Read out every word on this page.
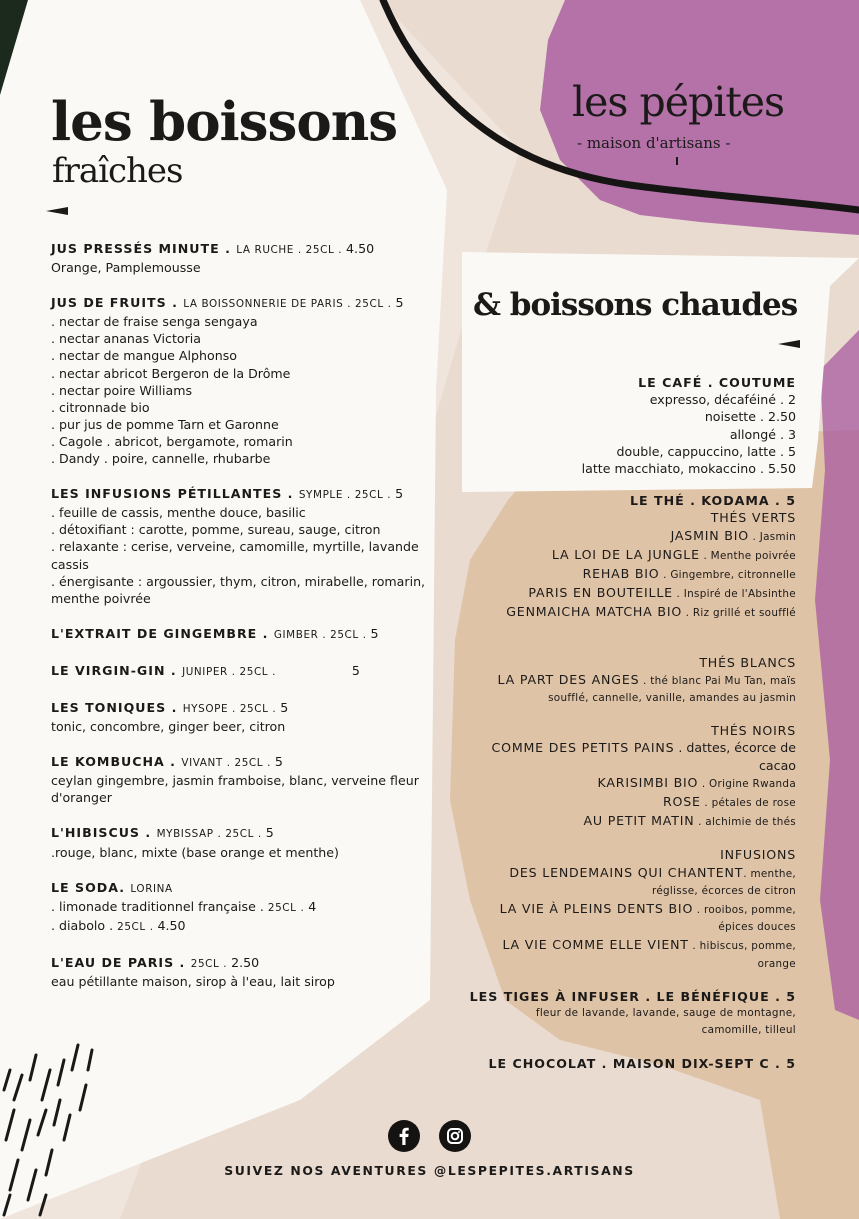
les boissons
fraîches
les pépites
- maison d'artisans -
& boissons chaudes
JUS PRESSÉS MINUTE . LA RUCHE . 25CL . 4.50
Orange, Pamplemousse
JUS DE FRUITS . LA BOISSONNERIE DE PARIS . 25CL . 5
. nectar de fraise senga sengaya
. nectar ananas Victoria
. nectar de mangue Alphonso
. nectar abricot Bergeron de la Drôme
. nectar poire Williams
. citronnade bio
. pur jus de pomme Tarn et Garonne
. Cagole . abricot, bergamote, romarin
. Dandy . poire, cannelle, rhubarbe
LES INFUSIONS PÉTILLANTES . SYMPLE . 25CL . 5
. feuille de cassis, menthe douce, basilic
. détoxifiant : carotte, pomme, sureau, sauge, citron
. relaxante : cerise, verveine, camomille, myrtille, lavande cassis
. énergisante : argoussier, thym, citron, mirabelle, romarin, menthe poivrée
L'EXTRAIT DE GINGEMBRE . GIMBER . 25CL . 5
LE VIRGIN-GIN . JUNIPER . 25CL .	5
LES TONIQUES . HYSOPE . 25CL . 5
tonic, concombre, ginger beer, citron
LE KOMBUCHA . VIVANT . 25CL . 5
ceylan gingembre, jasmin framboise, blanc, verveine fleur d'oranger
L'HIBISCUS . MYBISSAP . 25CL . 5
.rouge, blanc, mixte (base orange et menthe)
LE SODA. LORINA
. limonade traditionnel française . 25CL . 4
. diabolo . 25CL . 4.50
L'EAU DE PARIS . 25CL . 2.50
eau pétillante maison, sirop à l'eau, lait sirop
LE CAFÉ . COUTUME
expresso, décaféiné . 2
noisette . 2.50
allongé . 3
double, cappuccino, latte . 5
latte macchiato, mokaccino . 5.50
LE THÉ . KODAMA . 5
THÉS VERTS
JASMIN BIO . Jasmin
LA LOI DE LA JUNGLE . Menthe poivrée
REHAB BIO . Gingembre, citronnelle
PARIS EN BOUTEILLE . Inspiré de l'Absinthe
GENMAICHA MATCHA BIO . Riz grillé et soufflé
THÉS BLANCS
LA PART DES ANGES . thé blanc Pai Mu Tan, maïs
soufflé, cannelle, vanille, amandes au jasmin
THÉS NOIRS
COMME DES PETITS PAINS . dattes, écorce de
cacao
KARISIMBI BIO . Origine Rwanda
ROSE . pétales de rose
AU PETIT MATIN . alchimie de thés
INFUSIONS
DES LENDEMAINS QUI CHANTENT. menthe,
réglisse, écorces de citron
LA VIE À PLEINS DENTS BIO . rooibos, pomme,
épices douces
LA VIE COMME ELLE VIENT . hibiscus, pomme,
orange
LES TIGES À INFUSER . LE BÉNÉFIQUE . 5
fleur de lavande, lavande, sauge de montagne,
camomille, tilleul
LE CHOCOLAT . MAISON DIX-SEPT C . 5
SUIVEZ NOS AVENTURES @LESPEPITES.ARTISANS
